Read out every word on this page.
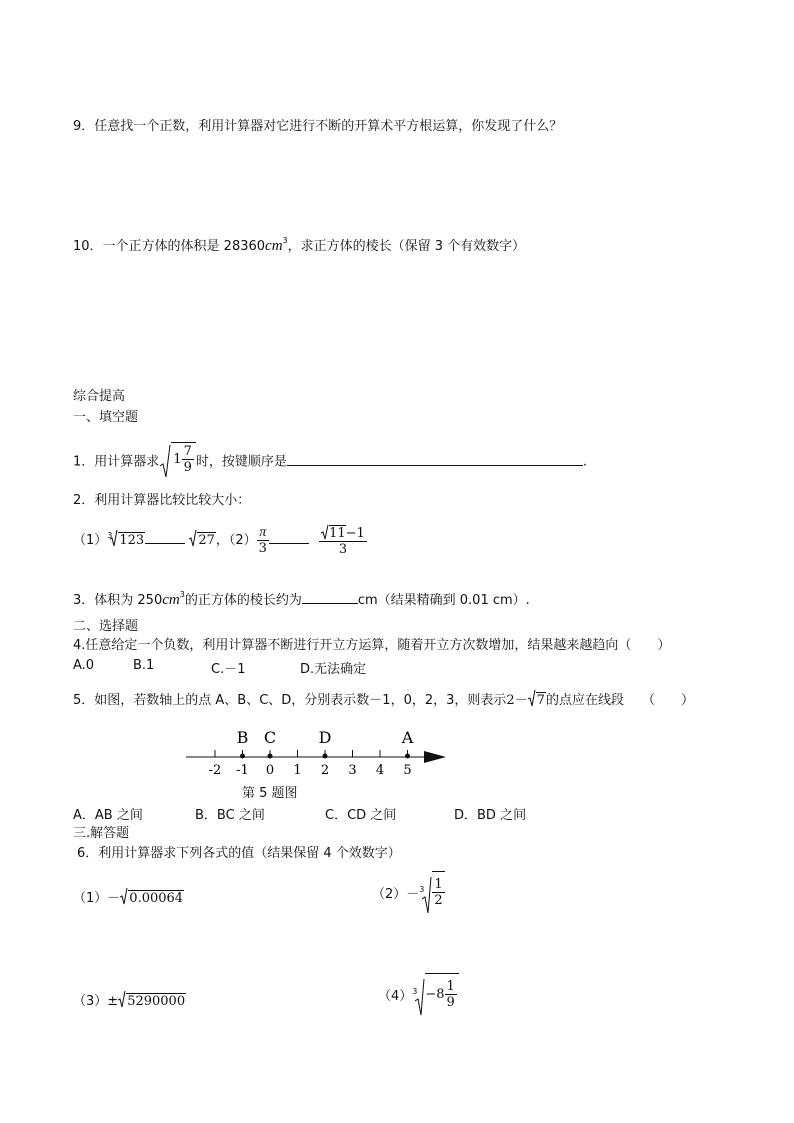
9．任意找一个正数，利用计算器对它进行不断的开算术平方根运算，你发现了什么？
10．一个正方体的体积是 $28360cm^3$，求正方体的棱长（保留 3 个有效数字）
综合提高
一、填空题
1．用计算器求 $1 \frac{7}{9}$ 时，按键顺序是	.
2．利用计算器比较比较大小：
$(1)^3$ 123	27，$(2) \frac{\pi}{3}$
	$\frac{11-1}{3}$
3．体积为 $250cm^3$的正方体的棱长约为	cm（结果精确到 0.01 cm）.
二、选择题
4.任意给定一个负数，利用计算器不断进行开立方运算，随着开立方次数增加，结果越来越趋向（　　）
A.0	B.1	C.－1	D.无法确定
5．如图，若数轴上的点 A、B、C、D，分别表示数－1，0，2，3，则表示2－ 7的点应在线段 （　　）
-2 -1 0 1 2 3 4 5
A
B C	D
第 5 题图
A．AB 之间	B．BC 之间	C．CD 之间	D．BD 之间
三.解答题
6．利用计算器求下列各式的值（结果保留 4 个效数字）
（1）－ 0.00064	$(2)-^3 \frac{1}{2}$
（3）± 5290000	$(4)^3 -8 \frac{1}{9}$
